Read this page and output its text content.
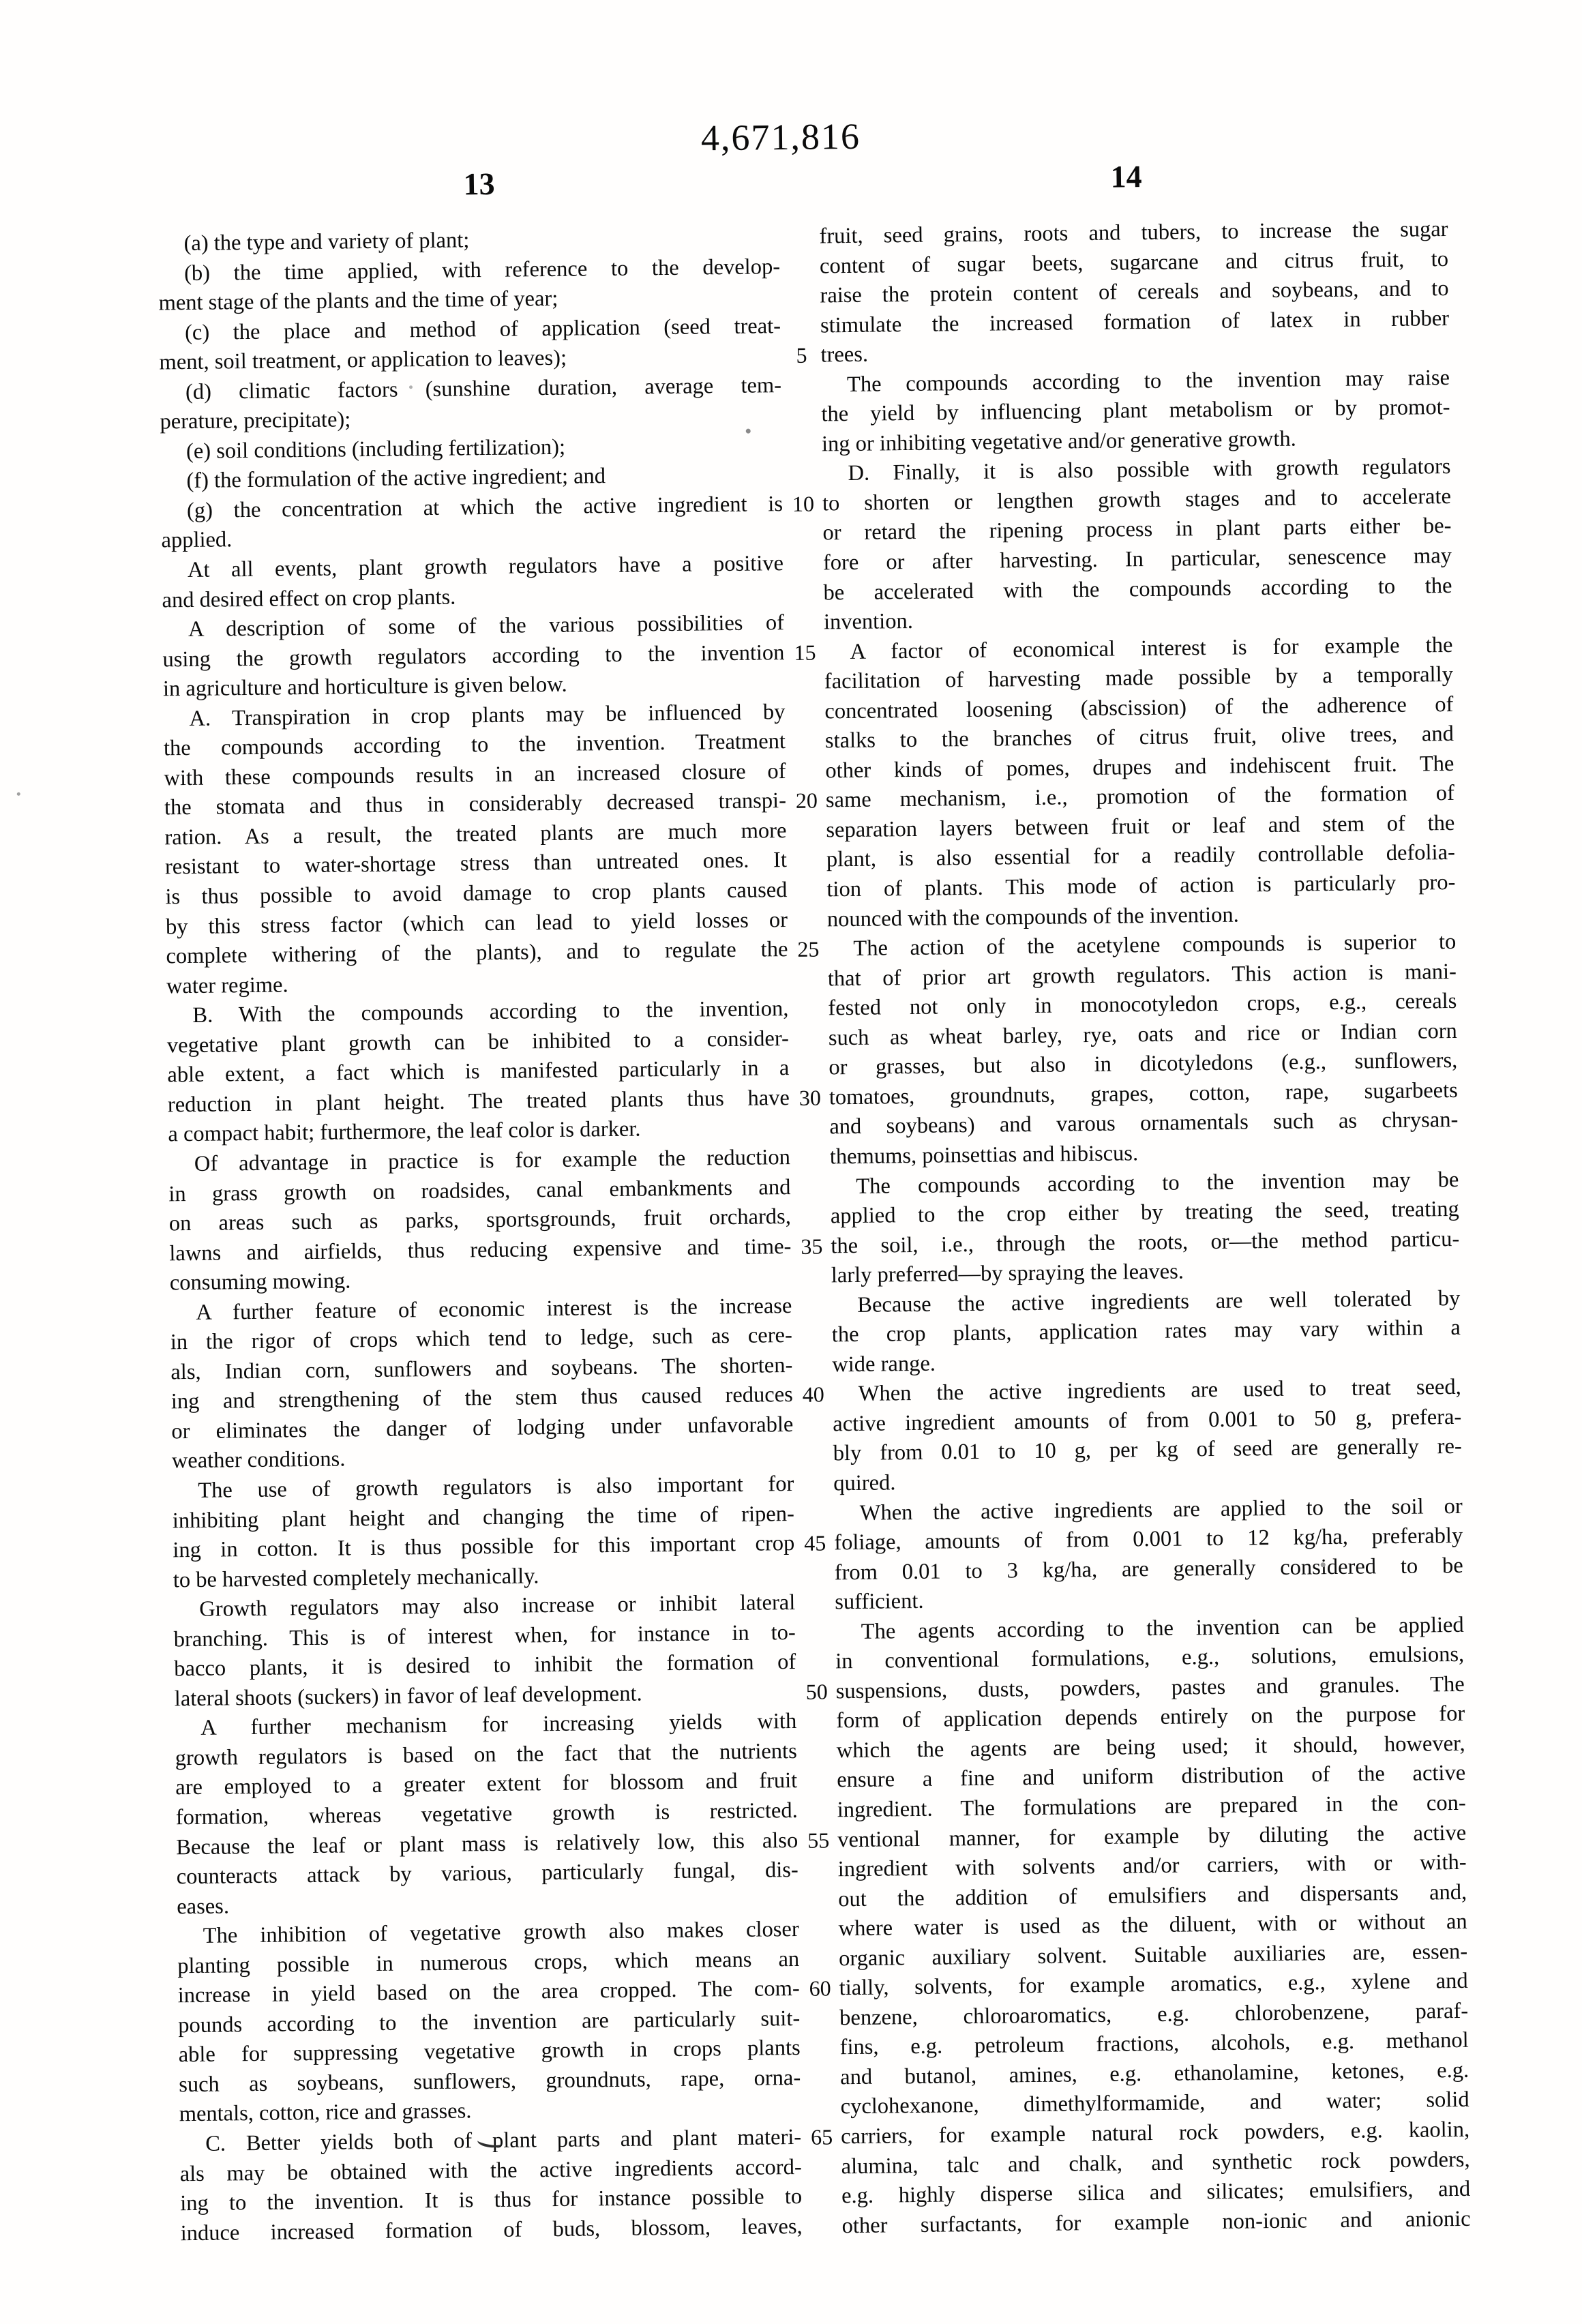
4,671,816
13	14
(a) the type and variety of plant;
(b) the time applied, with reference to the develop-
ment stage of the plants and the time of year;
(c) the place and method of application (seed treat-
ment, soil treatment, or application to leaves);
(d) climatic factors (sunshine duration, average tem-
perature, precipitate);
(e) soil conditions (including fertilization);
(f) the formulation of the active ingredient; and
(g) the concentration at which the active ingredient is
applied.
At all events, plant growth regulators have a positive
and desired effect on crop plants.
A description of some of the various possibilities of
using the growth regulators according to the invention
in agriculture and horticulture is given below.
A. Transpiration in crop plants may be influenced by
the compounds according to the invention. Treatment
with these compounds results in an increased closure of
the stomata and thus in considerably decreased transpi-
ration. As a result, the treated plants are much more
resistant to water-shortage stress than untreated ones. It
is thus possible to avoid damage to crop plants caused
by this stress factor (which can lead to yield losses or
complete withering of the plants), and to regulate the
water regime.
B. With the compounds according to the invention,
vegetative plant growth can be inhibited to a consider-
able extent, a fact which is manifested particularly in a
reduction in plant height. The treated plants thus have
a compact habit; furthermore, the leaf color is darker.
Of advantage in practice is for example the reduction
in grass growth on roadsides, canal embankments and
on areas such as parks, sportsgrounds, fruit orchards,
lawns and airfields, thus reducing expensive and time-
consuming mowing.
A further feature of economic interest is the increase
in the rigor of crops which tend to ledge, such as cere-
als, Indian corn, sunflowers and soybeans. The shorten-
ing and strengthening of the stem thus caused reduces
or eliminates the danger of lodging under unfavorable
weather conditions.
The use of growth regulators is also important for
inhibiting plant height and changing the time of ripen-
ing in cotton. It is thus possible for this important crop
to be harvested completely mechanically.
Growth regulators may also increase or inhibit lateral
branching. This is of interest when, for instance in to-
bacco plants, it is desired to inhibit the formation of
lateral shoots (suckers) in favor of leaf development.
A further mechanism for increasing yields with
growth regulators is based on the fact that the nutrients
are employed to a greater extent for blossom and fruit
formation, whereas vegetative growth is restricted.
Because the leaf or plant mass is relatively low, this also
counteracts attack by various, particularly fungal, dis-
eases.
The inhibition of vegetative growth also makes closer
planting possible in numerous crops, which means an
increase in yield based on the area cropped. The com-
pounds according to the invention are particularly suit-
able for suppressing vegetative growth in crops plants
such as soybeans, sunflowers, groundnuts, rape, orna-
mentals, cotton, rice and grasses.
C. Better yields both of plant parts and plant materi-
als may be obtained with the active ingredients accord-
ing to the invention. It is thus for instance possible to
induce increased formation of buds, blossom, leaves,
5
10
15
20
25
30
35
40
45
50
55
60
65
fruit, seed grains, roots and tubers, to increase the sugar
content of sugar beets, sugarcane and citrus fruit, to
raise the protein content of cereals and soybeans, and to
stimulate the increased formation of latex in rubber
trees.
The compounds according to the invention may raise
the yield by influencing plant metabolism or by promot-
ing or inhibiting vegetative and/or generative growth.
D. Finally, it is also possible with growth regulators
to shorten or lengthen growth stages and to accelerate
or retard the ripening process in plant parts either be-
fore or after harvesting. In particular, senescence may
be accelerated with the compounds according to the
invention.
A factor of economical interest is for example the
facilitation of harvesting made possible by a temporally
concentrated loosening (abscission) of the adherence of
stalks to the branches of citrus fruit, olive trees, and
other kinds of pomes, drupes and indehiscent fruit. The
same mechanism, i.e., promotion of the formation of
separation layers between fruit or leaf and stem of the
plant, is also essential for a readily controllable defolia-
tion of plants. This mode of action is particularly pro-
nounced with the compounds of the invention.
The action of the acetylene compounds is superior to
that of prior art growth regulators. This action is mani-
fested not only in monocotyledon crops, e.g., cereals
such as wheat barley, rye, oats and rice or Indian corn
or grasses, but also in dicotyledons (e.g., sunflowers,
tomatoes, groundnuts, grapes, cotton, rape, sugarbeets
and soybeans) and varous ornamentals such as chrysan-
themums, poinsettias and hibiscus.
The compounds according to the invention may be
applied to the crop either by treating the seed, treating
the soil, i.e., through the roots, or—the method particu-
larly preferred—by spraying the leaves.
Because the active ingredients are well tolerated by
the crop plants, application rates may vary within a
wide range.
When the active ingredients are used to treat seed,
active ingredient amounts of from 0.001 to 50 g, prefera-
bly from 0.01 to 10 g, per kg of seed are generally re-
quired.
When the active ingredients are applied to the soil or
foliage, amounts of from 0.001 to 12 kg/ha, preferably
from 0.01 to 3 kg/ha, are generally considered to be
sufficient.
The agents according to the invention can be applied
in conventional formulations, e.g., solutions, emulsions,
suspensions, dusts, powders, pastes and granules. The
form of application depends entirely on the purpose for
which the agents are being used; it should, however,
ensure a fine and uniform distribution of the active
ingredient. The formulations are prepared in the con-
ventional manner, for example by diluting the active
ingredient with solvents and/or carriers, with or with-
out the addition of emulsifiers and dispersants and,
where water is used as the diluent, with or without an
organic auxiliary solvent. Suitable auxiliaries are, essen-
tially, solvents, for example aromatics, e.g., xylene and
benzene, chloroaromatics, e.g. chlorobenzene, paraf-
fins, e.g. petroleum fractions, alcohols, e.g. methanol
and butanol, amines, e.g. ethanolamine, ketones, e.g.
cyclohexanone, dimethylformamide, and water; solid
carriers, for example natural rock powders, e.g. kaolin,
alumina, talc and chalk, and synthetic rock powders,
e.g. highly disperse silica and silicates; emulsifiers, and
other surfactants, for example non-ionic and anionic
